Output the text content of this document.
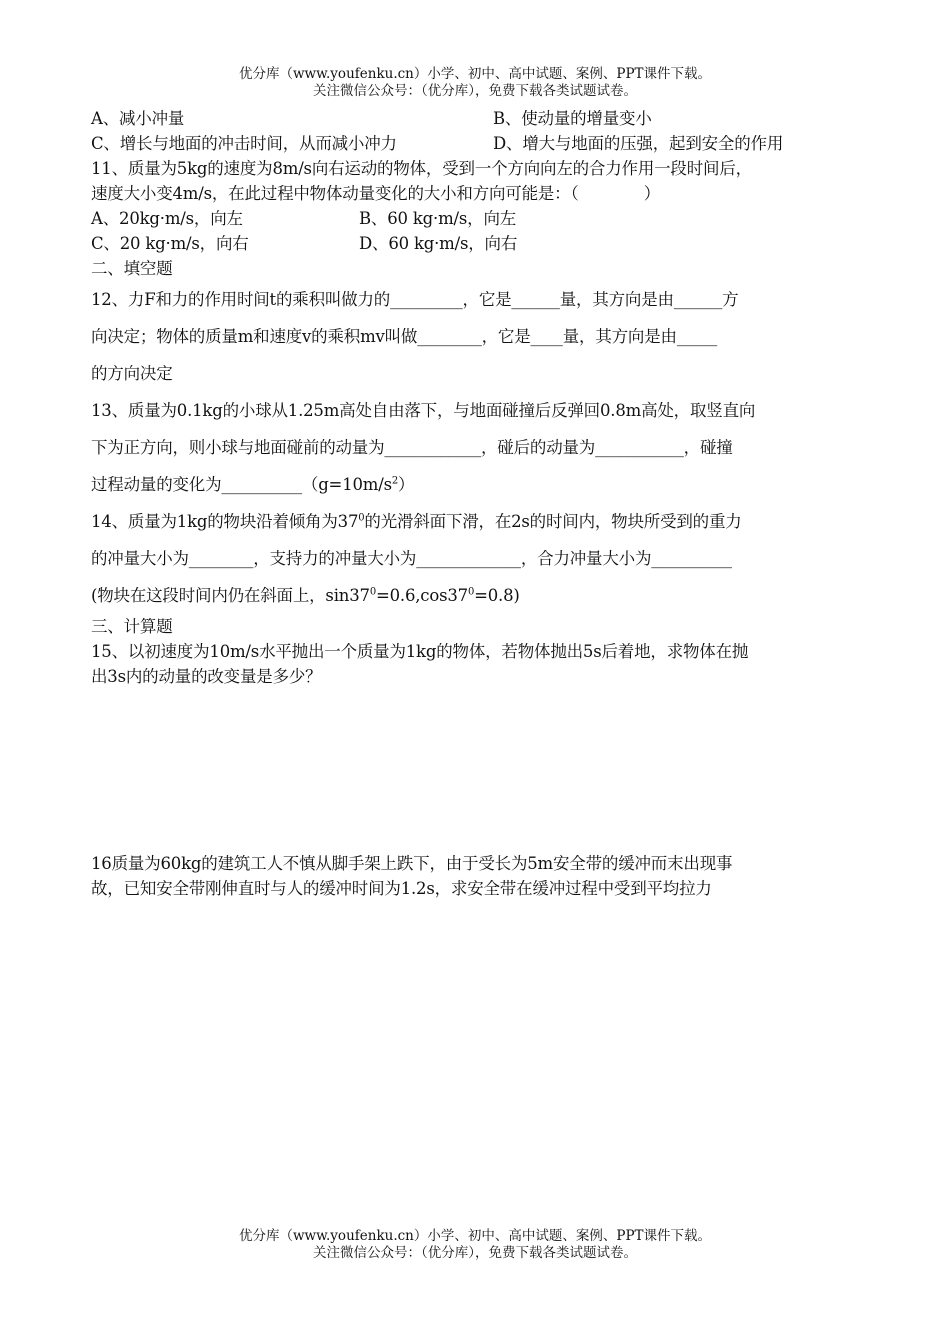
优分库（www.youfenku.cn）小学、初中、高中试题、案例、PPT课件下载。
关注微信公众号：（优分库），免费下载各类试题试卷。
A、减小冲量	B、使动量的增量变小
C、增长与地面的冲击时间，从而减小冲力	D、增大与地面的压强，起到安全的作用
11、质量为5kg的速度为8m/s向右运动的物体，受到一个方向向左的合力作用一段时间后，
速度大小变4m/s，在此过程中物体动量变化的大小和方向可能是：（　　　　）
A、20kg·m/s，向左	B、60 kg·m/s，向左
C、20 kg·m/s，向右	D、60 kg·m/s，向右
二、填空题
12、力F和力的作用时间t的乘积叫做力的_________，它是______量，其方向是由______方
向决定；物体的质量m和速度v的乘积mv叫做________，它是____量，其方向是由_____
的方向决定
13、质量为0.1kg的小球从1.25m高处自由落下，与地面碰撞后反弹回0.8m高处，取竖直向
下为正方向，则小球与地面碰前的动量为____________，碰后的动量为___________，碰撞
过程动量的变化为$\_\_\_\_\_\_\_\_\_\_(g=10m/s^2)$
14、质量为1kg的物块沿着倾角为$37^0$的光滑斜面下滑，在2s的时间内，物块所受到的重力
的冲量大小为________，支持力的冲量大小为_____________，合力冲量大小为__________
(物块在这段时间内仍在斜面上，$\sin 37^0=0.6,\cos 37^0=0.8$)
三、计算题
15、以初速度为10m/s水平抛出一个质量为1kg的物体，若物体抛出5s后着地，求物体在抛
出3s内的动量的改变量是多少？
16质量为60kg的建筑工人不慎从脚手架上跌下，由于受长为5m安全带的缓冲而末出现事
故，已知安全带刚伸直时与人的缓冲时间为1.2s，求安全带在缓冲过程中受到平均拉力
优分库（www.youfenku.cn）小学、初中、高中试题、案例、PPT课件下载。
关注微信公众号：（优分库），免费下载各类试题试卷。
